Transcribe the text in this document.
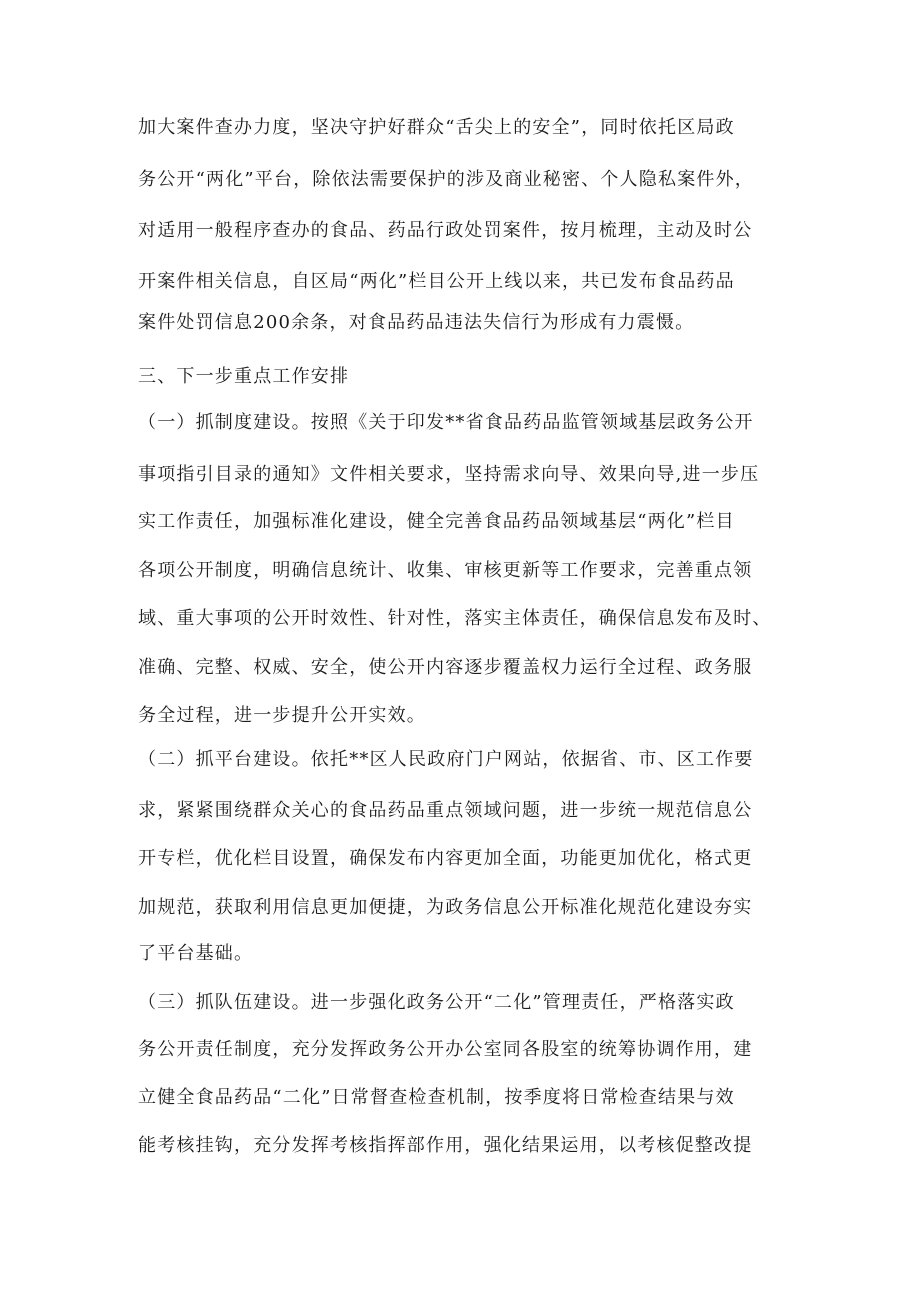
加大案件查办力度，坚决守护好群众“舌尖上的安全”，同时依托区局政
务公开“两化”平台，除依法需要保护的涉及商业秘密、个人隐私案件外，
对适用一般程序查办的食品、药品行政处罚案件，按月梳理，主动及时公
开案件相关信息，自区局“两化”栏目公开上线以来，共已发布食品药品
案件处罚信息200余条，对食品药品违法失信行为形成有力震慑。
三、下一步重点工作安排
（一）抓制度建设。按照《关于印发**省食品药品监管领域基层政务公开
事项指引目录的通知》文件相关要求，坚持需求向导、效果向导,进一步压
实工作责任，加强标准化建设，健全完善食品药品领域基层“两化”栏目
各项公开制度，明确信息统计、收集、审核更新等工作要求，完善重点领
域、重大事项的公开时效性、针对性，落实主体责任，确保信息发布及时、
准确、完整、权威、安全，使公开内容逐步覆盖权力运行全过程、政务服
务全过程，进一步提升公开实效。
（二）抓平台建设。依托**区人民政府门户网站，依据省、市、区工作要
求，紧紧围绕群众关心的食品药品重点领域问题，进一步统一规范信息公
开专栏，优化栏目设置，确保发布内容更加全面，功能更加优化，格式更
加规范，获取利用信息更加便捷，为政务信息公开标准化规范化建设夯实
了平台基础。
（三）抓队伍建设。进一步强化政务公开“二化”管理责任，严格落实政
务公开责任制度，充分发挥政务公开办公室同各股室的统筹协调作用，建
立健全食品药品“二化”日常督查检查机制，按季度将日常检查结果与效
能考核挂钩，充分发挥考核指挥部作用，强化结果运用，以考核促整改提
